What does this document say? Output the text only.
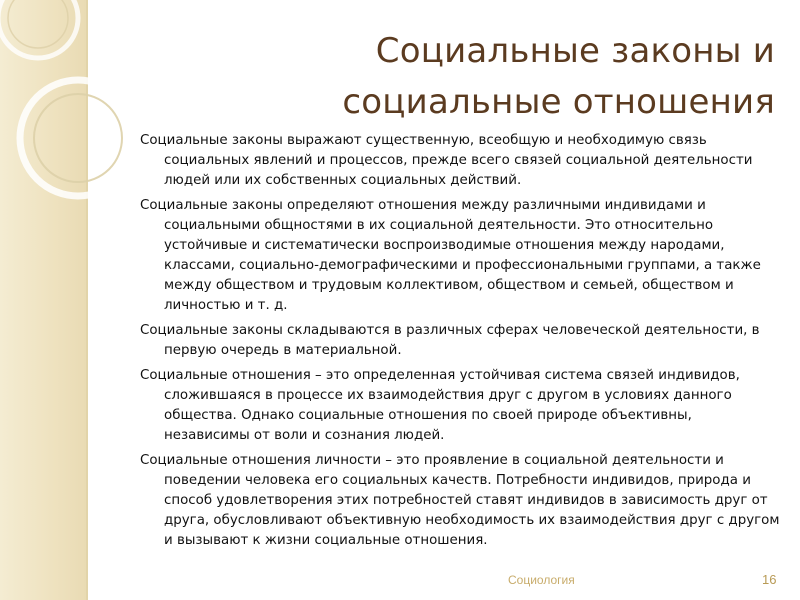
Социальные законы и
социальные отношения

Социальные законы выражают существенную, всеобщую и необходимую связь социальных явлений и процессов, прежде всего связей социальной деятельности людей или их собственных социальных действий.

Социальные законы определяют отношения между различными индивидами и социальными общностями в их социальной деятельности. Это относительно устойчивые и систематически воспроизводимые отношения между народами, классами, социально-демографическими и профессиональными группами, а также между обществом и трудовым коллективом, обществом и семьей, обществом и личностью и т. д.

Социальные законы складываются в различных сферах человеческой деятельности, в первую очередь в материальной.

Социальные отношения – это определенная устойчивая система связей индивидов, сложившаяся в процессе их взаимодействия друг с другом в условиях данного общества. Однако социальные отношения по своей природе объективны, независимы от воли и сознания людей.

Социальные отношения личности – это проявление в социальной деятельности и поведении человека его социальных качеств. Потребности индивидов, природа и способ удовлетворения этих потребностей ставят индивидов в зависимость друг от друга, обусловливают объективную необходимость их взаимодействия друг с другом и вызывают к жизни социальные отношения.

Социология	16
